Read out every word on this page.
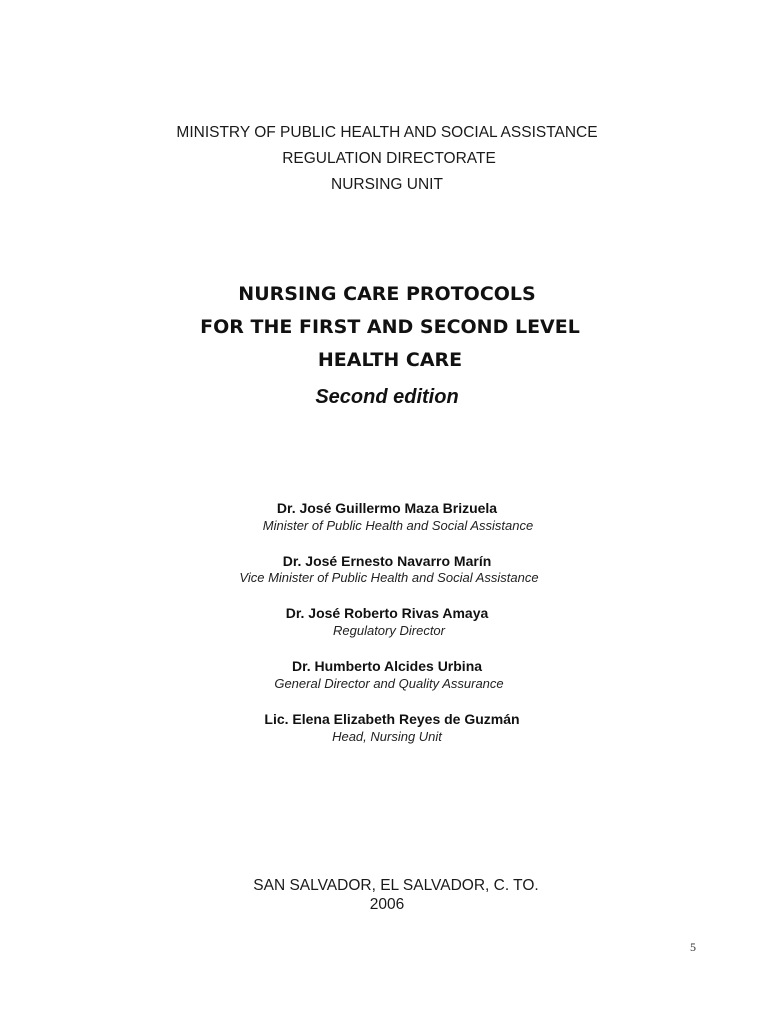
MINISTRY OF PUBLIC HEALTH AND SOCIAL ASSISTANCE
REGULATION DIRECTORATE
NURSING UNIT
NURSING CARE PROTOCOLS
FOR THE FIRST AND SECOND LEVEL
HEALTH CARE
Second edition
Dr. José Guillermo Maza Brizuela
Minister of Public Health and Social Assistance
Dr. José Ernesto Navarro Marín
Vice Minister of Public Health and Social Assistance
Dr. José Roberto Rivas Amaya
Regulatory Director
Dr. Humberto Alcides Urbina
General Director and Quality Assurance
Lic. Elena Elizabeth Reyes de Guzmán
Head, Nursing Unit
SAN SALVADOR, EL SALVADOR, C. TO.
2006
5
